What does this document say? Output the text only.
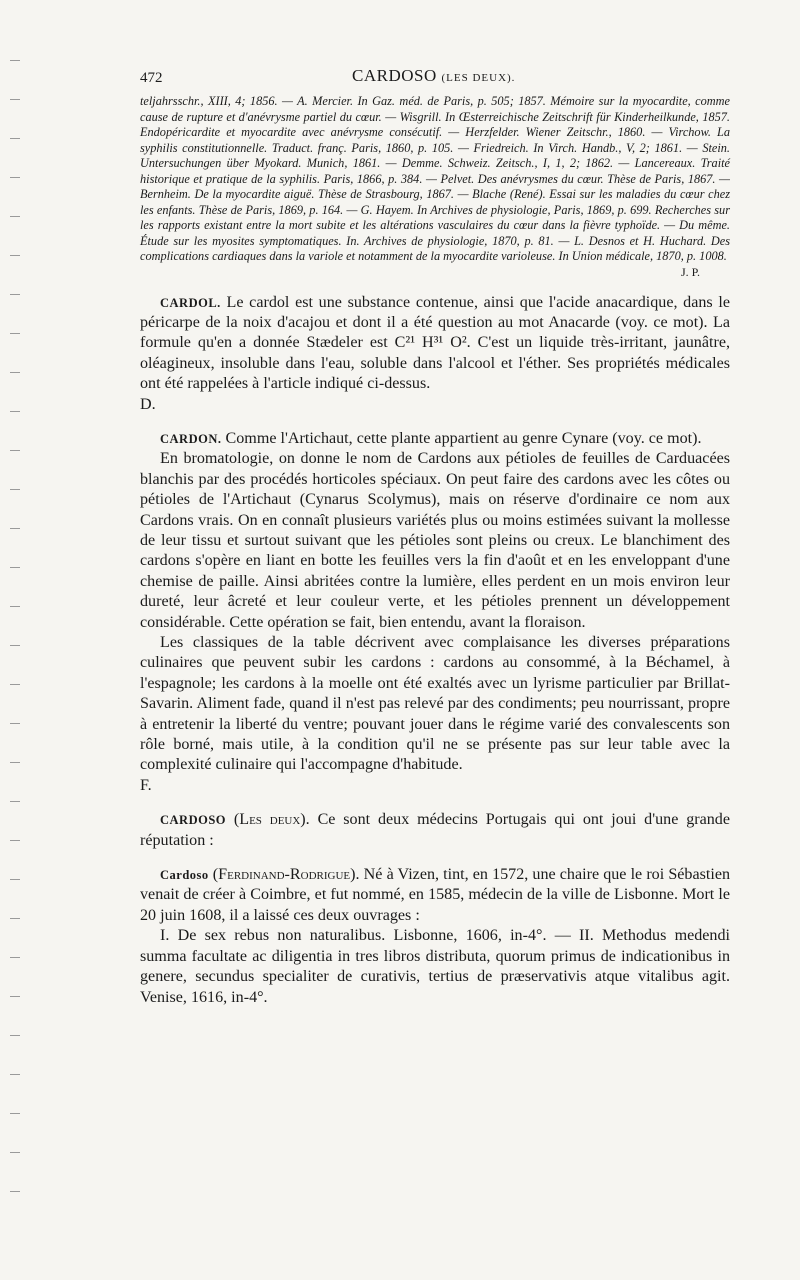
472	CARDOSO (LES DEUX).

teljahrsschr., XIII, 4; 1856. — A. Mercier. In Gaz. méd. de Paris, p. 505; 1857. Mémoire sur la myocardite, comme cause de rupture et d'anévrysme partiel du cœur. — Wisgrill. In Œsterreichische Zeitschrift für Kinderheilkunde, 1857. Endopéricardite et myocardite avec anévrysme consécutif. — Herzfelder. Wiener Zeitschr., 1860. — Virchow. La syphilis constitutionnelle. Traduct. franç. Paris, 1860, p. 105. — Friedreich. In Virch. Handb., V, 2; 1861. — Stein. Untersuchungen über Myokard. Munich, 1861. — Demme. Schweiz. Zeitsch., I, 1, 2; 1862. — Lancereaux. Traité historique et pratique de la syphilis. Paris, 1866, p. 384. — Pelvet. Des anévrysmes du cœur. Thèse de Paris, 1867. — Bernheim. De la myocardite aiguë. Thèse de Strasbourg, 1867. — Blache (René). Essai sur les maladies du cœur chez les enfants. Thèse de Paris, 1869, p. 164. — G. Hayem. In Archives de physiologie, Paris, 1869, p. 699. Recherches sur les rapports existant entre la mort subite et les altérations vasculaires du cœur dans la fièvre typhoïde. — Du même. Étude sur les myosites symptomatiques. In. Archives de physiologie, 1870, p. 81. — L. Desnos et H. Huchard. Des complications cardiaques dans la variole et notamment de la myocardite varioleuse. In Union médicale, 1870, p. 1008.

J. P.

CARDOL. Le cardol est une substance contenue, ainsi que l'acide anacardique, dans le péricarpe de la noix d'acajou et dont il a été question au mot Anacarde (voy. ce mot). La formule qu'en a donnée Stædeler est C²¹ H³¹ O². C'est un liquide très-irritant, jaunâtre, oléagineux, insoluble dans l'eau, soluble dans l'alcool et l'éther. Ses propriétés médicales ont été rappelées à l'article indiqué ci-dessus.

D.

CARDON. Comme l'Artichaut, cette plante appartient au genre Cynare (voy. ce mot).

En bromatologie, on donne le nom de Cardons aux pétioles de feuilles de Carduacées blanchis par des procédés horticoles spéciaux. On peut faire des cardons avec les côtes ou pétioles de l'Artichaut (Cynarus Scolymus), mais on réserve d'ordinaire ce nom aux Cardons vrais. On en connaît plusieurs variétés plus ou moins estimées suivant la mollesse de leur tissu et surtout suivant que les pétioles sont pleins ou creux. Le blanchiment des cardons s'opère en liant en botte les feuilles vers la fin d'août et en les enveloppant d'une chemise de paille. Ainsi abritées contre la lumière, elles perdent en un mois environ leur dureté, leur âcreté et leur couleur verte, et les pétioles prennent un développement considérable. Cette opération se fait, bien entendu, avant la floraison.

Les classiques de la table décrivent avec complaisance les diverses préparations culinaires que peuvent subir les cardons : cardons au consommé, à la Béchamel, à l'espagnole; les cardons à la moelle ont été exaltés avec un lyrisme particulier par Brillat-Savarin. Aliment fade, quand il n'est pas relevé par des condiments; peu nourrissant, propre à entretenir la liberté du ventre; pouvant jouer dans le régime varié des convalescents son rôle borné, mais utile, à la condition qu'il ne se présente pas sur leur table avec la complexité culinaire qui l'accompagne d'habitude.

F.

CARDOSO (Les deux). Ce sont deux médecins Portugais qui ont joui d'une grande réputation :

Cardoso (Ferdinand-Rodrigue). Né à Vizen, tint, en 1572, une chaire que le roi Sébastien venait de créer à Coimbre, et fut nommé, en 1585, médecin de la ville de Lisbonne. Mort le 20 juin 1608, il a laissé ces deux ouvrages :

I. De sex rebus non naturalibus. Lisbonne, 1606, in-4°. — II. Methodus medendi summa facultate ac diligentia in tres libros distributa, quorum primus de indicationibus in genere, secundus specialiter de curativis, tertius de præservativis atque vitalibus agit. Venise, 1616, in-4°.
